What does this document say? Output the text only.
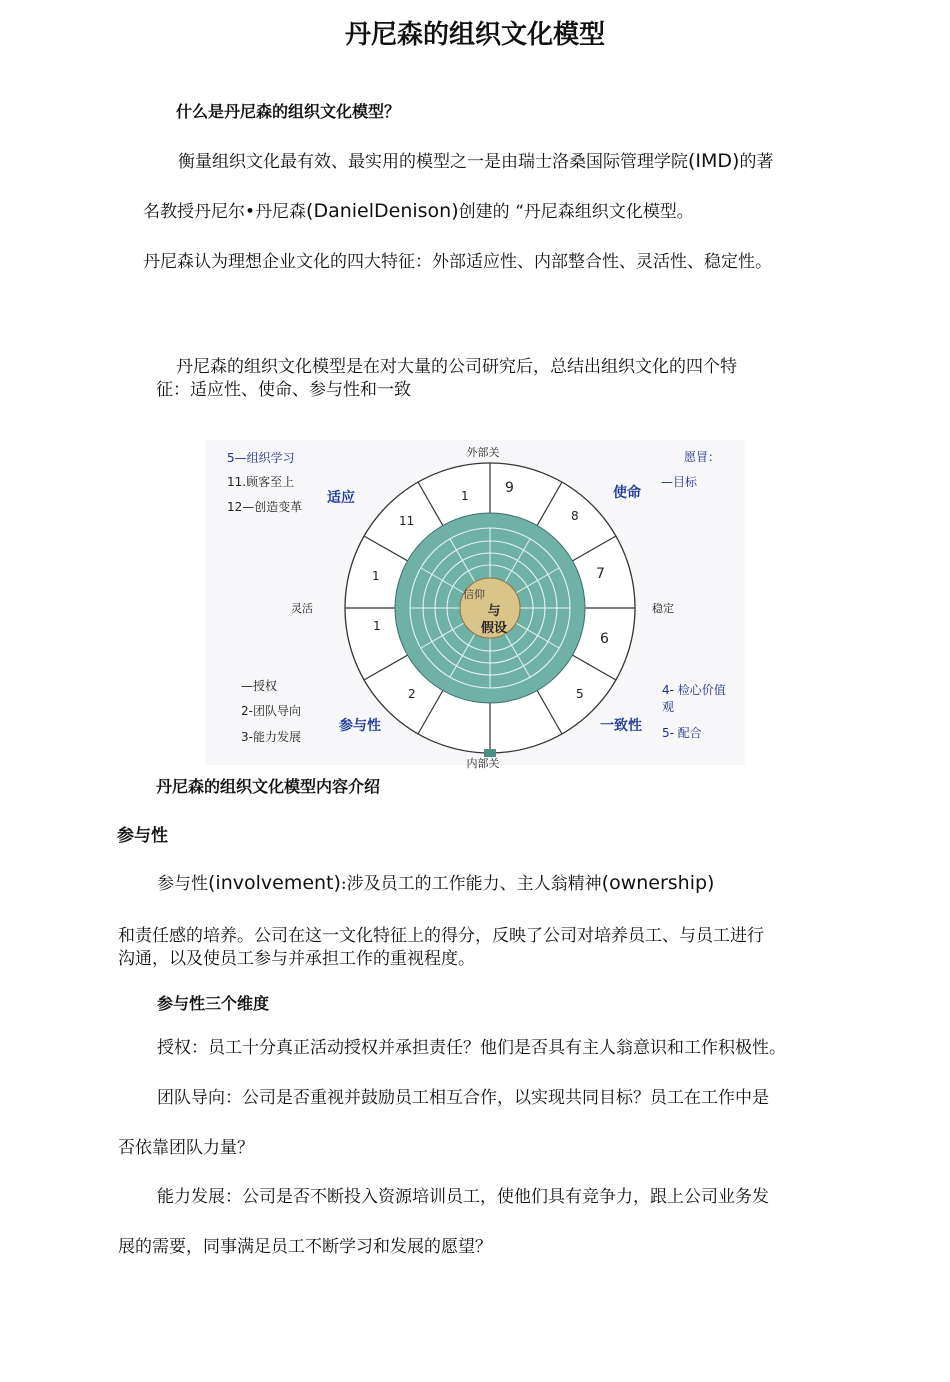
丹尼森的组织文化模型
什么是丹尼森的组织文化模型？
衡量组织文化最有效、最实用的模型之一是由瑞士洛桑国际管理学院(IMD)的著
名教授丹尼尔•丹尼森(DanielDenison)创建的 “丹尼森组织文化模型。
丹尼森认为理想企业文化的四大特征：外部适应性、内部整合性、灵活性、稳定性。
丹尼森的组织文化模型是在对大量的公司研究后，总结出组织文化的四个特
征：适应性、使命、参与性和一致
信仰
与
假设
1	9
8
7
6
5
2
1
1
11
外部关
内部关
灵活	稳定
适应	使命
参与性	一致性
5—组织学习
11.顾客至上
12—创造变革
愿冒：
—目标
—授权
2-团队导向
3-能力发展
4- 检心价值
观
5- 配合
丹尼森的组织文化模型内容介绍
参与性
参与性(involvement):涉及员工的工作能力、主人翁精神(ownership)
和责任感的培养。公司在这一文化特征上的得分，反映了公司对培养员工、与员工进行
沟通，以及使员工参与并承担工作的重视程度。
参与性三个维度
授权：员工十分真正活动授权并承担责任？他们是否具有主人翁意识和工作积极性。
团队导向：公司是否重视并鼓励员工相互合作，以实现共同目标？员工在工作中是
否依靠团队力量？
能力发展：公司是否不断投入资源培训员工，使他们具有竞争力，跟上公司业务发
展的需要，同事满足员工不断学习和发展的愿望？
